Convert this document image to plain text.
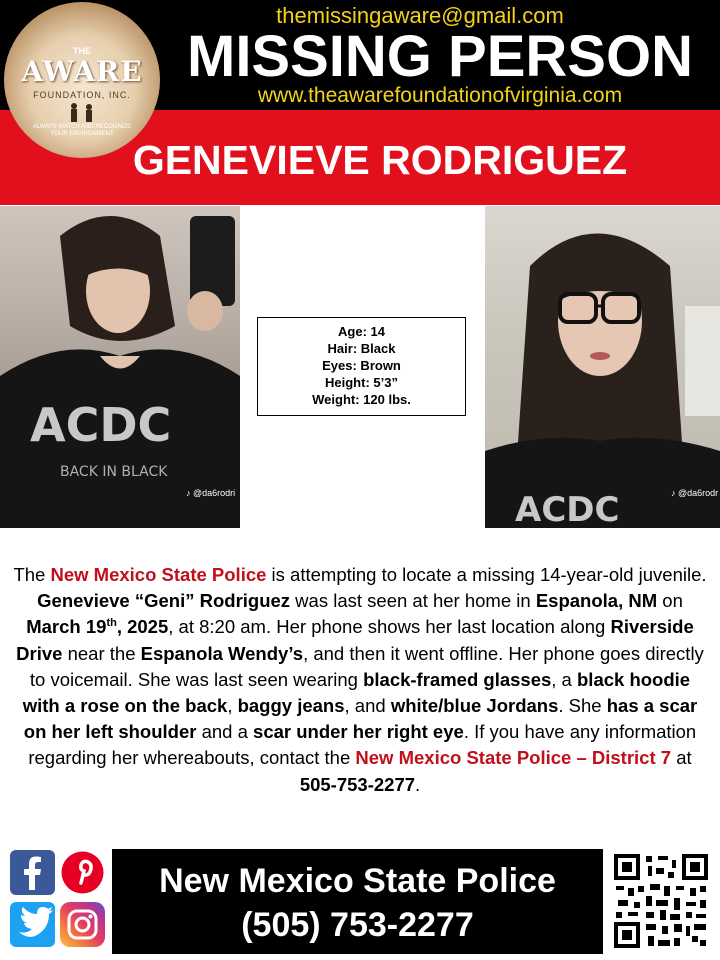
themissingaware@gmail.com
MISSING PERSON
www.theawarefoundationofvirginia.com
GENEVIEVE RODRIGUEZ
THE
AWARE
FOUNDATION, INC.
ALWAYS WATCH AND RECOGNIZE YOUR ENVIRONMENT
ACDC
BACK IN BLACK
♪ @da6rodri	ACDC	♪ @da6rodr
Age: 14
Hair: Black
Eyes: Brown
Height: 5’3”
Weight: 120 lbs.
The New Mexico State Police is attempting to locate a missing 14-year-old juvenile. Genevieve “Geni” Rodriguez was last seen at her home in Espanola, NM on March 19th, 2025, at 8:20 am. Her phone shows her last location along Riverside Drive near the Espanola Wendy’s, and then it went offline. Her phone goes directly to voicemail. She was last seen wearing black-framed glasses, a black hoodie with a rose on the back, baggy jeans, and white/blue Jordans. She has a scar on her left shoulder and a scar under her right eye. If you have any information regarding her whereabouts, contact the New Mexico State Police – District 7 at 505-753-2277.
New Mexico State Police
(505) 753-2277
